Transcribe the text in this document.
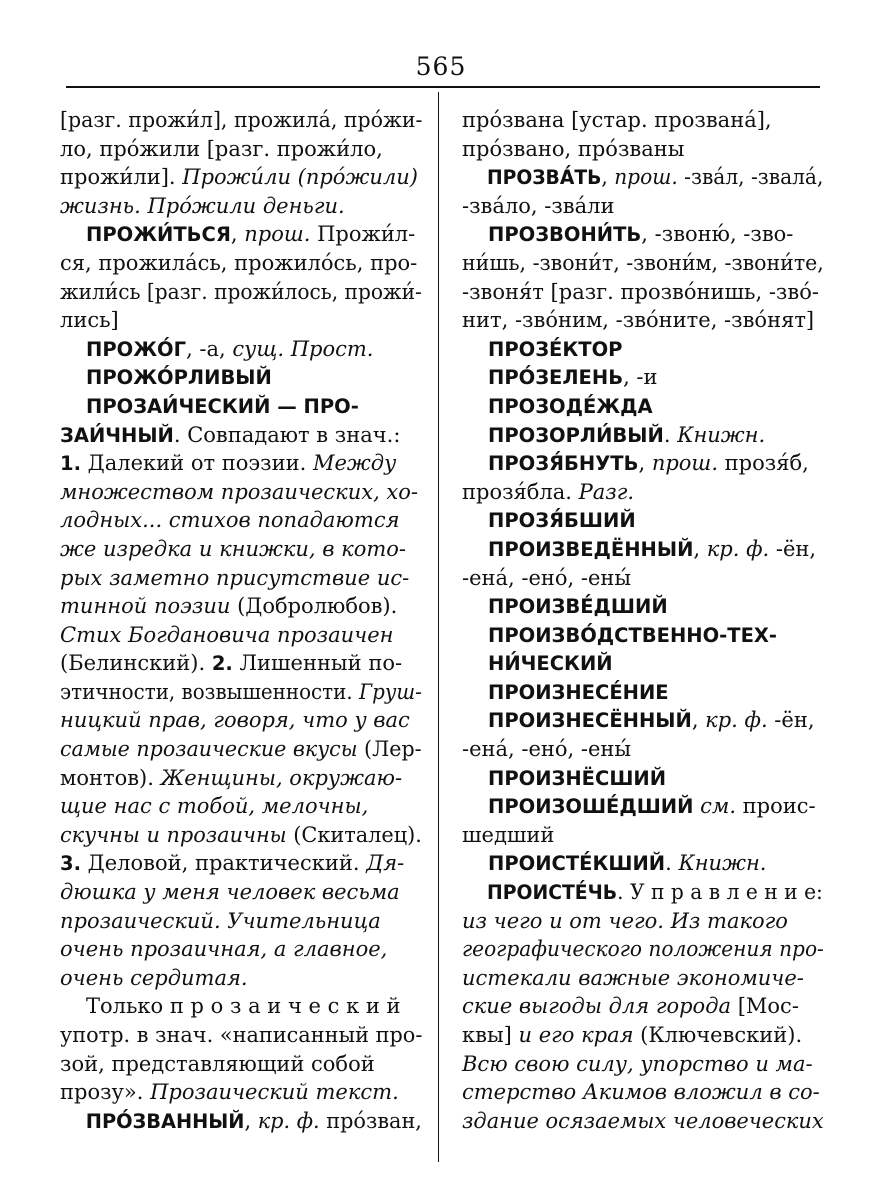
565
[разг. прожи́л], прожила́, про́жи-
ло, про́жили [разг. прожи́ло,
прожи́ли]. Прожи́ли (про́жили)
жизнь. Про́жили деньги.
ПРОЖИ́ТЬСЯ, прош. Прожи́л-
ся, прожила́сь, прожило́сь, про-
жили́сь [разг. прожи́лось, прожи́-
лись]
ПРОЖО́Г, -а, сущ. Прост.
ПРОЖО́РЛИВЫЙ
ПРОЗАИ́ЧЕСКИЙ — ПРО-
ЗАИ́ЧНЫЙ. Совпадают в знач.:
1. Далекий от поэзии. Между
множеством прозаических, хо-
лодных... стихов попадаются
же изредка и книжки, в кото-
рых заметно присутствие ис-
тинной поэзии (Добролюбов).
Стих Богдановича прозаичен
(Белинский). 2. Лишенный по-
этичности, возвышенности. Груш-
ницкий прав, говоря, что у вас
самые прозаические вкусы (Лер-
монтов). Женщины, окружаю-
щие нас с тобой, мелочны,
скучны и прозаичны (Скиталец).
3. Деловой, практический. Дя-
дюшка у меня человек весьма
прозаический. Учительница
очень прозаичная, а главное,
очень сердитая.
Только п р о з а и ч е с к и й
употр. в знач. «написанный про-
зой, представляющий собой
прозу». Прозаический текст.
ПРО́ЗВАННЫЙ, кр. ф. про́зван,
про́звана [устар. прозвана́],
про́звано, про́званы
ПРОЗВА́ТЬ, прош. -зва́л, -звала́,
-зва́ло, -зва́ли
ПРОЗВОНИ́ТЬ, -звоню́, -зво-
ни́шь, -звони́т, -звони́м, -звони́те,
-звоня́т [разг. прозво́нишь, -зво́-
нит, -зво́ним, -зво́ните, -зво́нят]
ПРОЗЕ́КТОР
ПРО́ЗЕЛЕНЬ, -и
ПРОЗОДЕ́ЖДА
ПРОЗОРЛИ́ВЫЙ. Книжн.
ПРОЗЯ́БНУТЬ, прош. прозя́б,
прозя́бла. Разг.
ПРОЗЯ́БШИЙ
ПРОИЗВЕДЁННЫЙ, кр. ф. -ён,
-ена́, -ено́, -ены́
ПРОИЗВЕ́ДШИЙ
ПРОИЗВО́ДСТВЕННО-ТЕХ-
НИ́ЧЕСКИЙ
ПРОИЗНЕСЕ́НИЕ
ПРОИЗНЕСЁННЫЙ, кр. ф. -ён,
-ена́, -ено́, -ены́
ПРОИЗНЁСШИЙ
ПРОИЗОШЕ́ДШИЙ см. проис-
шедший
ПРОИСТЕ́КШИЙ. Книжн.
ПРОИСТЕ́ЧЬ. У п р а в л е н и е:
из чего и от чего. Из такого
географического положения про-
истекали важные экономиче-
ские выгоды для города [Мос-
квы] и его края (Ключевский).
Всю свою силу, упорство и ма-
стерство Акимов вложил в со-
здание осязаемых человеческих
